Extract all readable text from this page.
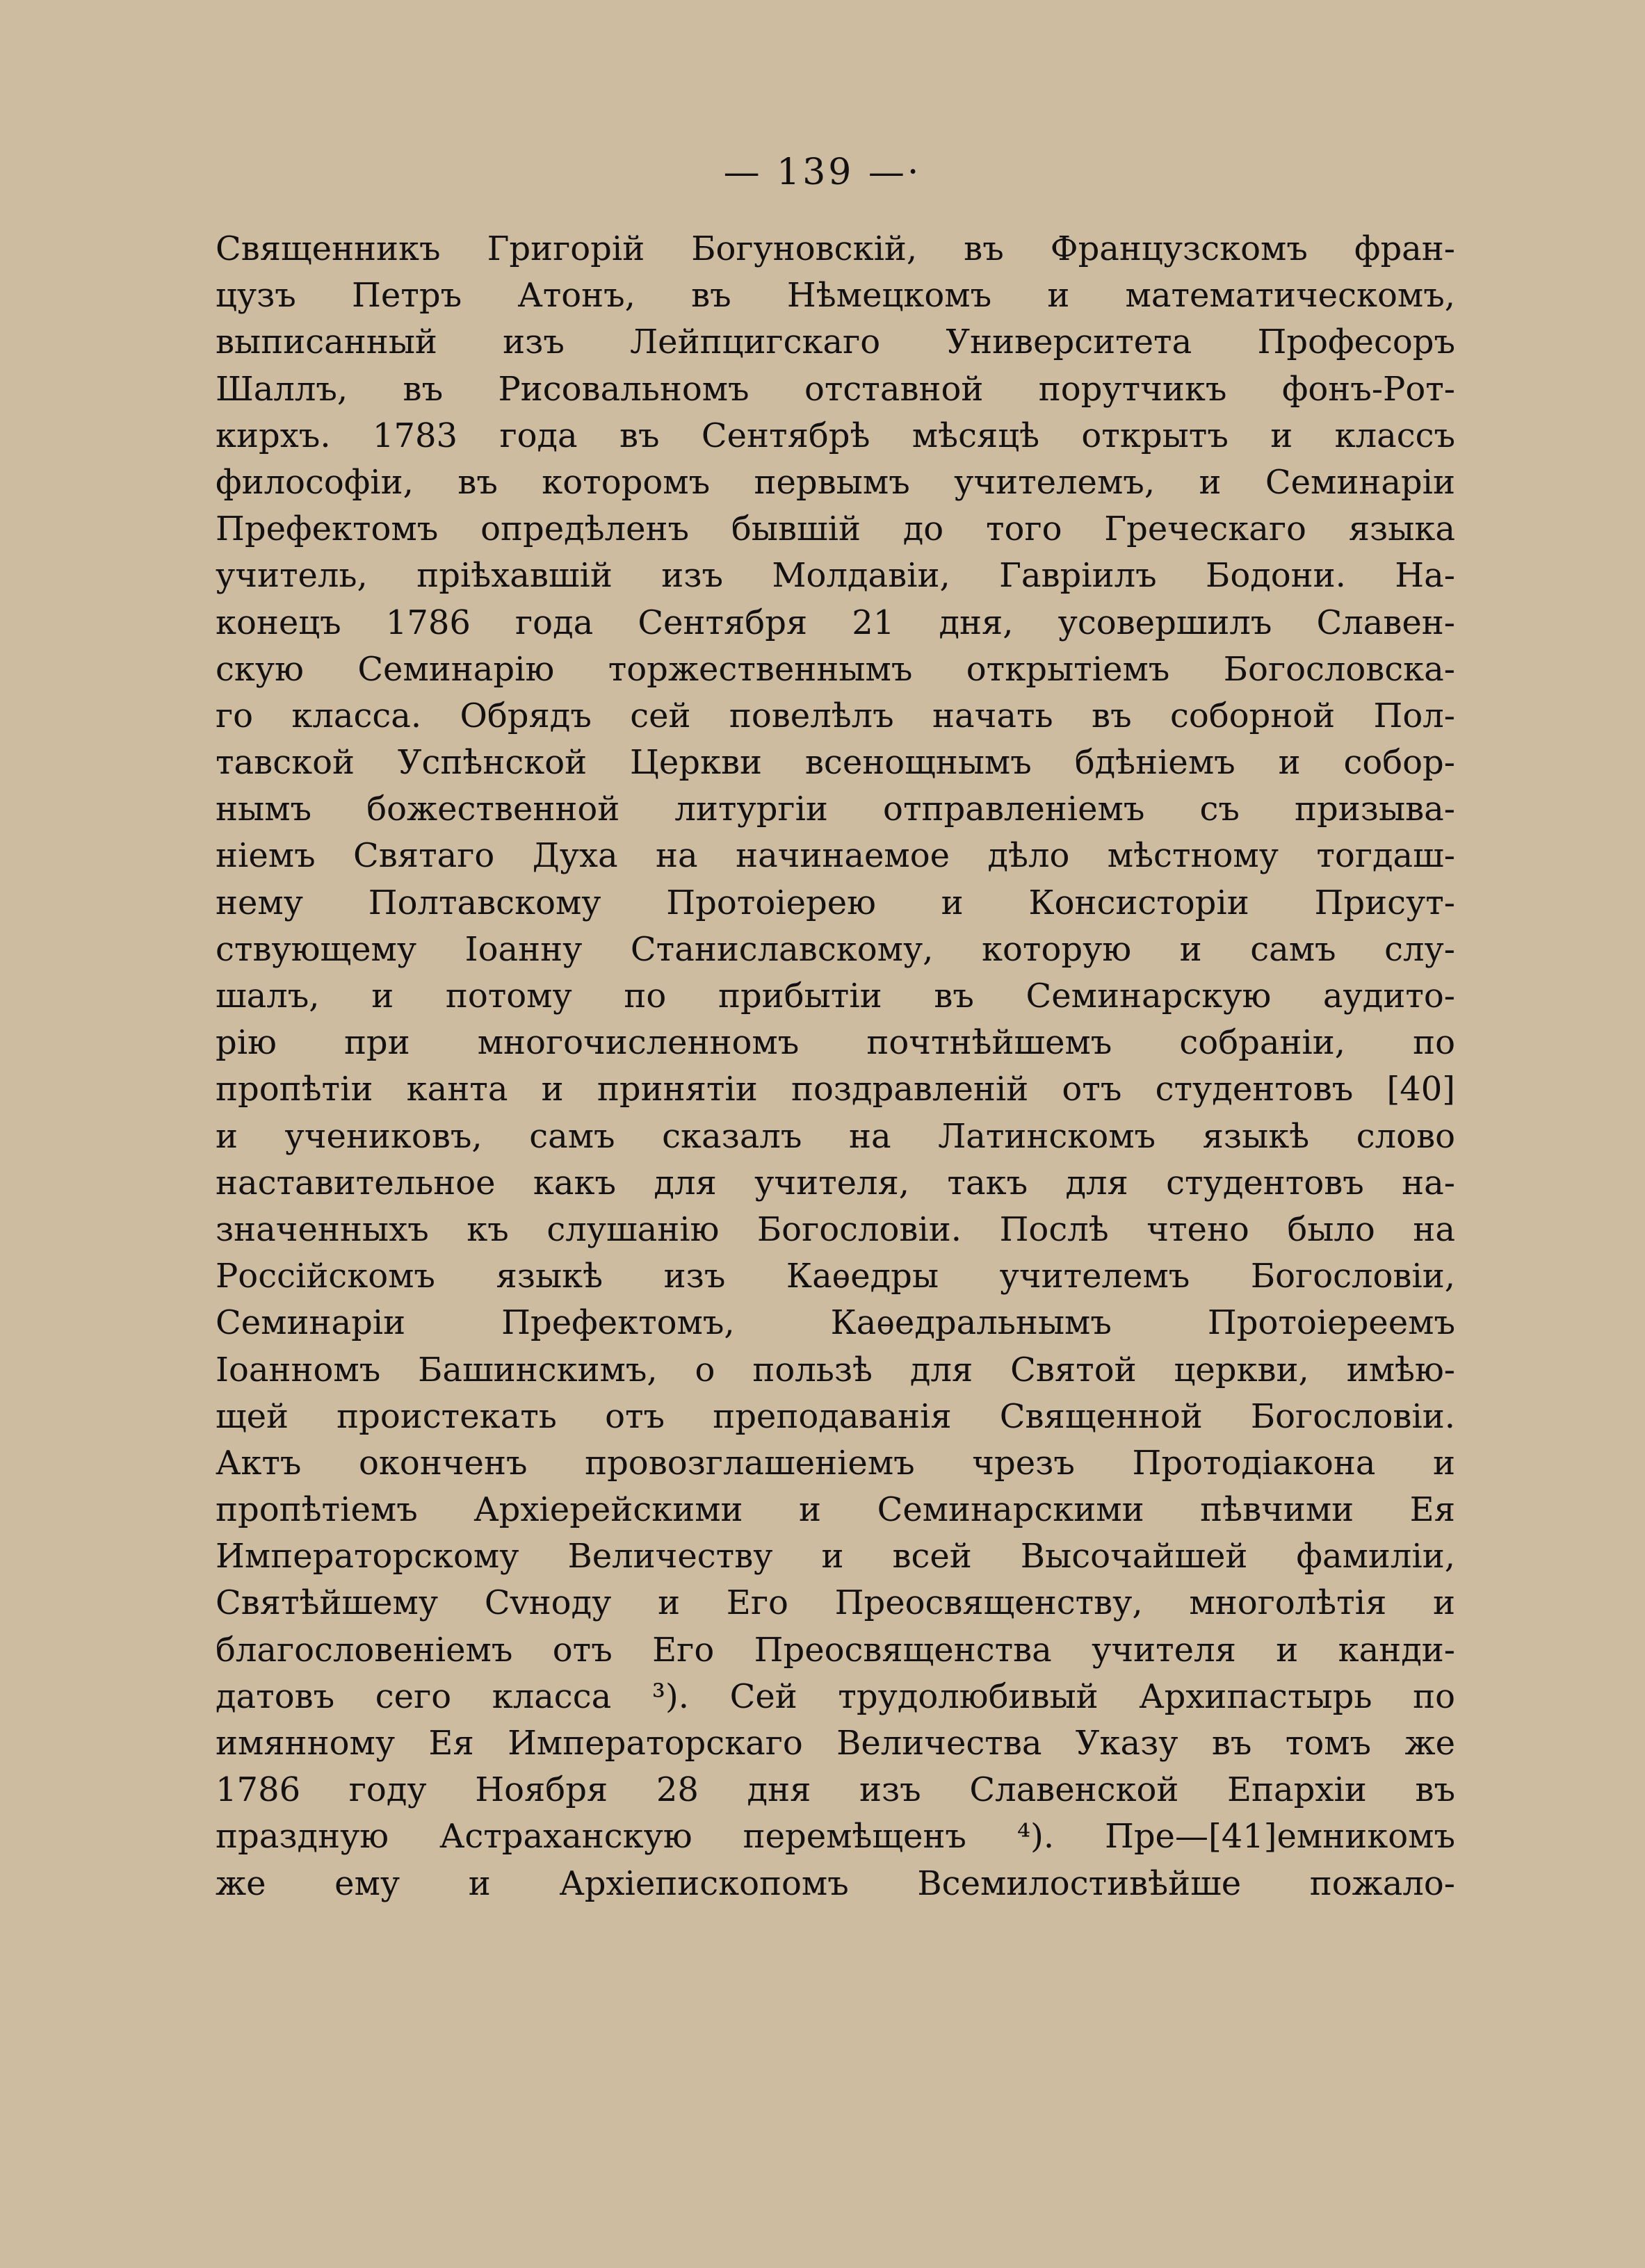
— 139 —·
Священникъ Григорій Богуновскій, въ Французскомъ фран-
цузъ Петръ Атонъ, въ Нѣмецкомъ и математическомъ,
выписанный изъ Лейпцигскаго Университета Професоръ
Шаллъ, въ Рисовальномъ отставной порутчикъ фонъ-Рот-
кирхъ. 1783 года въ Сентябрѣ мѣсяцѣ открытъ и классъ
философіи, въ которомъ первымъ учителемъ, и Семинаріи
Префектомъ опредѣленъ бывшій до того Греческаго языка
учитель, пріѣхавшій изъ Молдавіи, Гавріилъ Бодони. На-
конецъ 1786 года Сентября 21 дня, усовершилъ Славен-
скую Семинарію торжественнымъ открытіемъ Богословска-
го класса. Обрядъ сей повелѣлъ начать въ соборной Пол-
тавской Успѣнской Церкви всенощнымъ бдѣніемъ и собор-
нымъ божественной литургіи отправленіемъ съ призыва-
ніемъ Святаго Духа на начинаемое дѣло мѣстному тогдаш-
нему Полтавскому Протоіерею и Консисторіи Присут-
ствующему Іоанну Станиславскому, которую и самъ слу-
шалъ, и потому по прибытіи въ Семинарскую аудито-
рію при многочисленномъ почтнѣйшемъ собраніи, по
пропѣтіи канта и принятіи поздравленій отъ студентовъ [40]
и учениковъ, самъ сказалъ на Латинскомъ языкѣ слово
наставительное какъ для учителя, такъ для студентовъ на-
значенныхъ къ слушанію Богословіи. Послѣ чтено было на
Россійскомъ языкѣ изъ Каѳедры учителемъ Богословіи,
Семинаріи Префектомъ, Каѳедральнымъ Протоіереемъ
Іоанномъ Башинскимъ, о пользѣ для Святой церкви, имѣю-
щей проистекать отъ преподаванія Священной Богословіи.
Актъ оконченъ провозглашеніемъ чрезъ Протодіакона и
пропѣтіемъ Архіерейскими и Семинарскими пѣвчими Ея
Императорскому Величеству и всей Высочайшей фамиліи,
Святѣйшему Сvноду и Его Преосвященству, многолѣтія и
благословеніемъ отъ Его Преосвященства учителя и канди-
датовъ сего класса ³). Сей трудолюбивый Архипастырь по
имянному Ея Императорскаго Величества Указу въ томъ же
1786 году Ноября 28 дня изъ Славенской Епархіи въ
праздную Астраханскую перемѣщенъ ⁴). Пре—[41]емникомъ
же ему и Архіепископомъ Всемилостивѣйше пожало-
